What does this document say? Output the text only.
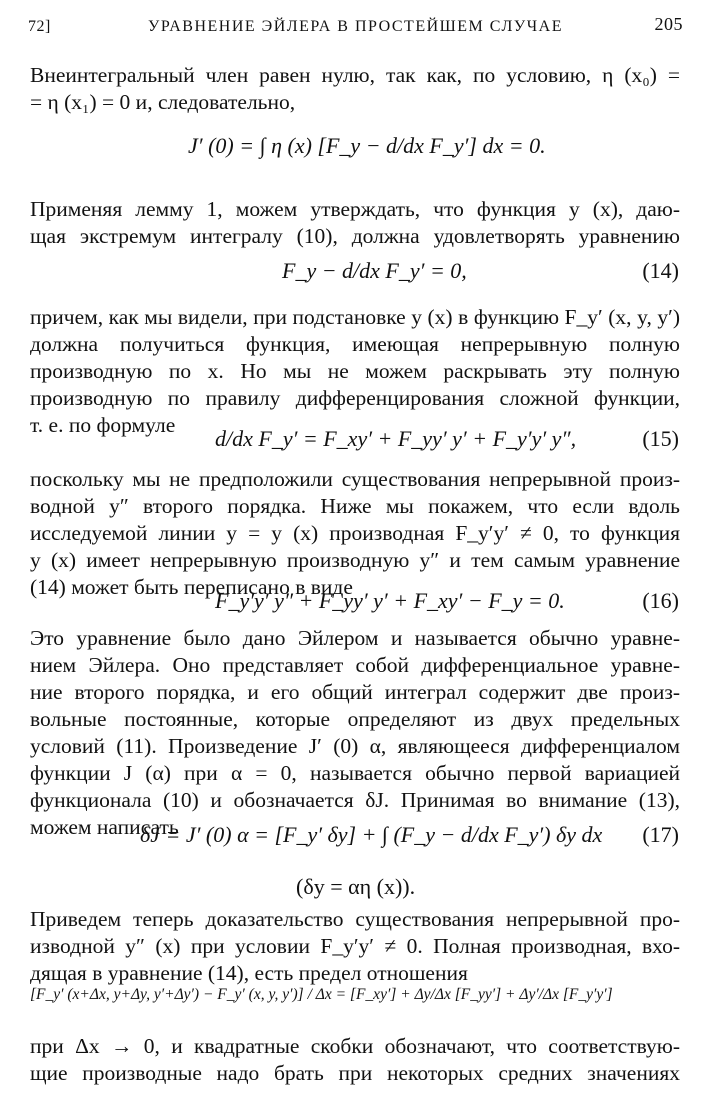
72]	УРАВНЕНИЕ ЭЙЛЕРА В ПРОСТЕЙШЕМ СЛУЧАЕ	205
Внеинтегральный член равен нулю, так как, по условию, η (x₀) =
= η (x₁) = 0 и, следовательно,
J′ (0) = ∫ η (x) [F_y − d/dx F_y′] dx = 0.
Применяя лемму 1, можем утверждать, что функция y (x), даю-
щая экстремум интегралу (10), должна удовлетворять уравнению
F_y − d/dx F_y′ = 0,	(14)
причем, как мы видели, при подстановке y (x) в функцию F_y′ (x, y, y′)
должна получиться функция, имеющая непрерывную полную
производную по x. Но мы не можем раскрывать эту полную
производную по правилу дифференцирования сложной функции,
т. е. по формуле
d/dx F_y′ = F_xy′ + F_yy′ y′ + F_y′y′ y″,	(15)
поскольку мы не предположили существования непрерывной произ-
водной y″ второго порядка. Ниже мы покажем, что если вдоль
исследуемой линии y = y (x) производная F_y′y′ ≠ 0, то функция
y (x) имеет непрерывную производную y″ и тем самым уравнение
(14) может быть переписано в виде
F_y′y′ y″ + F_yy′ y′ + F_xy′ − F_y = 0.	(16)
Это уравнение было дано Эйлером и называется обычно уравне-
нием Эйлера. Оно представляет собой дифференциальное уравне-
ние второго порядка, и его общий интеграл содержит две произ-
вольные постоянные, которые определяют из двух предельных
условий (11). Произведение J′ (0) α, являющееся дифференциалом
функции J (α) при α = 0, называется обычно первой вариацией
функционала (10) и обозначается δJ. Принимая во внимание (13),
можем написать
δJ = J′ (0) α = [F_y′ δy] + ∫ (F_y − d/dx F_y′) δy dx (17)
(δy = αη (x)).
Приведем теперь доказательство существования непрерывной про-
изводной y″ (x) при условии F_y′y′ ≠ 0. Полная производная, вхо-
дящая в уравнение (14), есть предел отношения
[F_y′ (x+Δx, y+Δy, y′+Δy′) − F_y′ (x, y, y′)] / Δx = [F_xy′] + Δy/Δx [F_yy′] + Δy′/Δx [F_y′y′]
при Δx → 0, и квадратные скобки обозначают, что соответствую-
щие производные надо брать при некоторых средних значениях
